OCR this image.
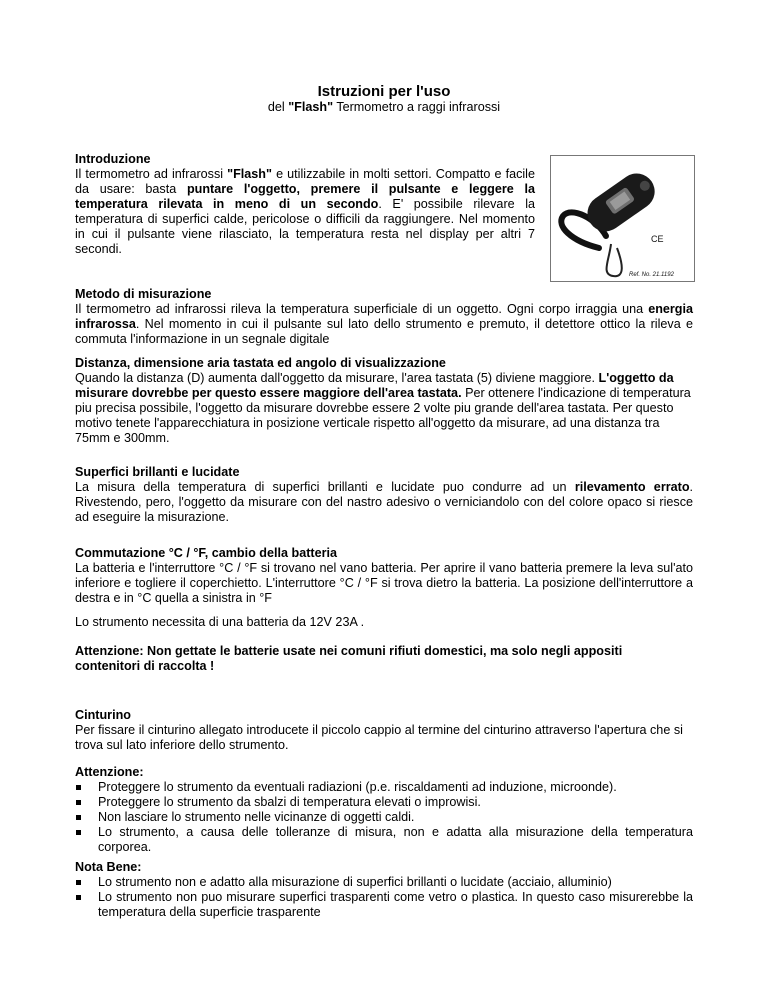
Istruzioni per l'uso
del "Flash" Termometro a raggi infrarossi

Introduzione

Il termometro ad infrarossi "Flash" e utilizzabile in molti settori. Compatto e facile da usare: basta puntare l'oggetto, premere il pulsante e leggere la temperatura rilevata in meno di un secondo. E' possibile rilevare la temperatura di superfici calde, pericolose o difficili da raggiungere. Nel momento in cui il pulsante viene rilasciato, la temperatura resta nel display per altri 7 secondi.

CE
Ref. No. 21.1192

Metodo di misurazione

Il termometro ad infrarossi rileva la temperatura superficiale di un oggetto. Ogni corpo irraggia una energia infrarossa. Nel momento in cui il pulsante sul lato dello strumento e premuto, il detettore ottico la rileva e commuta l'informazione in un segnale digitale

Distanza, dimensione aria tastata ed angolo di visualizzazione

Quando la distanza (D) aumenta dall'oggetto da misurare, l'area tastata (5) diviene maggiore. L'oggetto da misurare dovrebbe per questo essere maggiore dell'area tastata. Per ottenere l'indicazione di temperatura piu precisa possibile, l'oggetto da misurare dovrebbe essere 2 volte piu grande dell'area tastata. Per questo motivo tenete l'apparecchiatura in posizione verticale rispetto all'oggetto da misurare, ad una distanza tra 75mm e 300mm.

Superfici brillanti e lucidate

La misura della temperatura di superfici brillanti e lucidate puo condurre ad un rilevamento errato. Rivestendo, pero, l'oggetto da misurare con del nastro adesivo o verniciandolo con del colore opaco si riesce ad eseguire la misurazione.

Commutazione °C / °F, cambio della batteria

La batteria e l'interruttore °C / °F si trovano nel vano batteria. Per aprire il vano batteria premere la leva sul'ato inferiore e togliere il coperchietto. L'interruttore °C / °F si trova dietro la batteria. La posizione dell'interruttore a destra e in °C quella a sinistra in °F

Lo strumento necessita di una batteria da 12V 23A .
Attenzione: Non gettate le batterie usate nei comuni rifiuti domestici, ma solo negli appositi contenitori di raccolta !

Cinturino

Per fissare il cinturino allegato introducete il piccolo cappio al termine del cinturino attraverso l'apertura che si trova sul lato inferiore dello strumento.

Attenzione:

Proteggere lo strumento da eventuali radiazioni (p.e. riscaldamenti ad induzione, microonde).
Proteggere lo strumento da sbalzi di temperatura elevati o improwisi.
Non lasciare lo strumento nelle vicinanze di oggetti caldi.
Lo strumento, a causa delle tolleranze di misura, non e adatta alla misurazione della temperatura corporea.

Nota Bene:

Lo strumento non e adatto alla misurazione di superfici brillanti o lucidate (acciaio, alluminio)
Lo strumento non puo misurare superfici trasparenti come vetro o plastica. In questo caso misurerebbe la temperatura della superficie trasparente
